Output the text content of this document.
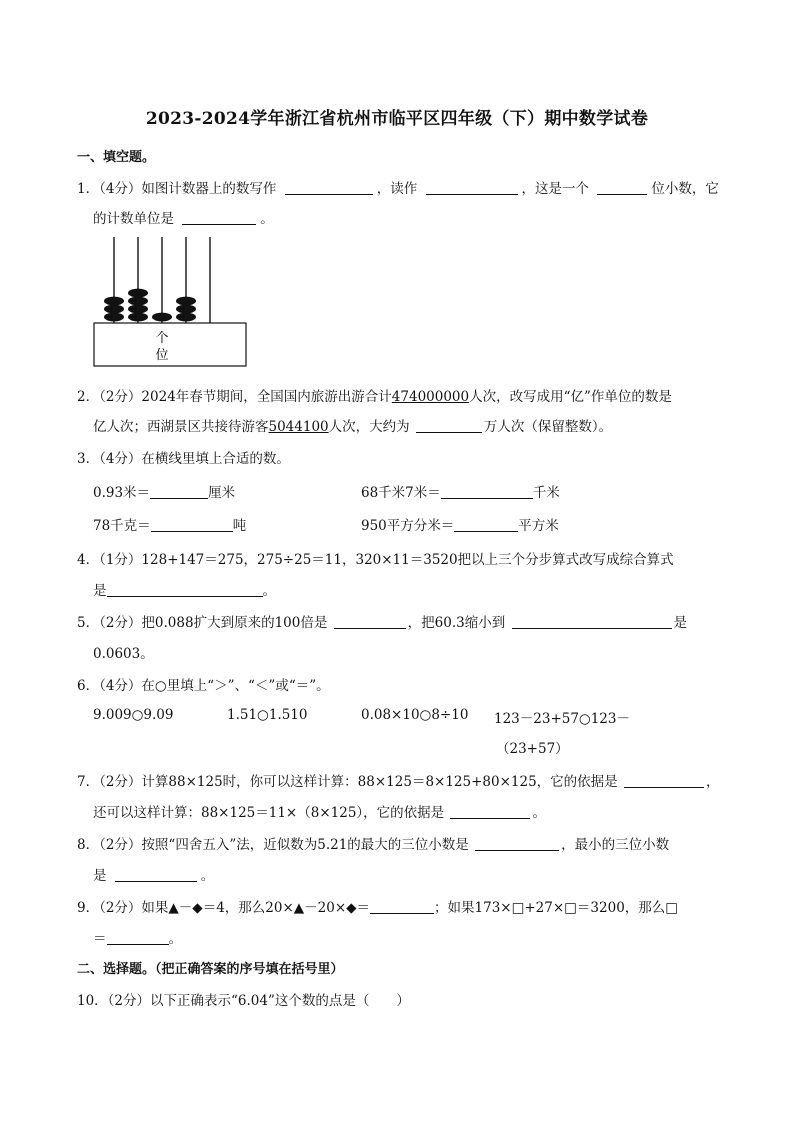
2023-2024学年浙江省杭州市临平区四年级（下）期中数学试卷
一、填空题。
1．（4分）如图计数器上的数写作	，读作	，这是一个	位小数，它
的计数单位是	。
个
位
2．（2分）2024年春节期间，全国国内旅游出游合计474000000人次，改写成用“亿”作单位的数是
亿人次；西湖景区共接待游客5044100人次，大约为	万人次（保留整数）。
3．（4分）在横线里填上合适的数。
0.93米＝	厘米	68千米7米＝	千米
78千克＝	吨	950平方分米＝	平方米
4．（1分）128+147＝275，275÷25＝11，320×11＝3520把以上三个分步算式改写成综合算式
是	。
5．（2分）把0.088扩大到原来的100倍是	，把60.3缩小到	是
0.0603。
6．（4分）在○里填上“＞”、“＜”或“＝”。
9.009○9.09	1.51○1.510	0.08×10○8÷10 123－23+57○123－
（23+57）
7．（2分）计算88×125时，你可以这样计算：88×125＝8×125+80×125，它的依据是	，
还可以这样计算：88×125＝11×（8×125），它的依据是	。
8．（2分）按照“四舍五入”法，近似数为5.21的最大的三位小数是	，最小的三位小数
是	。
9．（2分）如果▲－◆＝4，那么20×▲－20×◆＝	；如果173×□+27×□＝3200，那么□
＝	。
二、选择题。（把正确答案的序号填在括号里）
10．（2分）以下正确表示“6.04”这个数的点是（　　）
